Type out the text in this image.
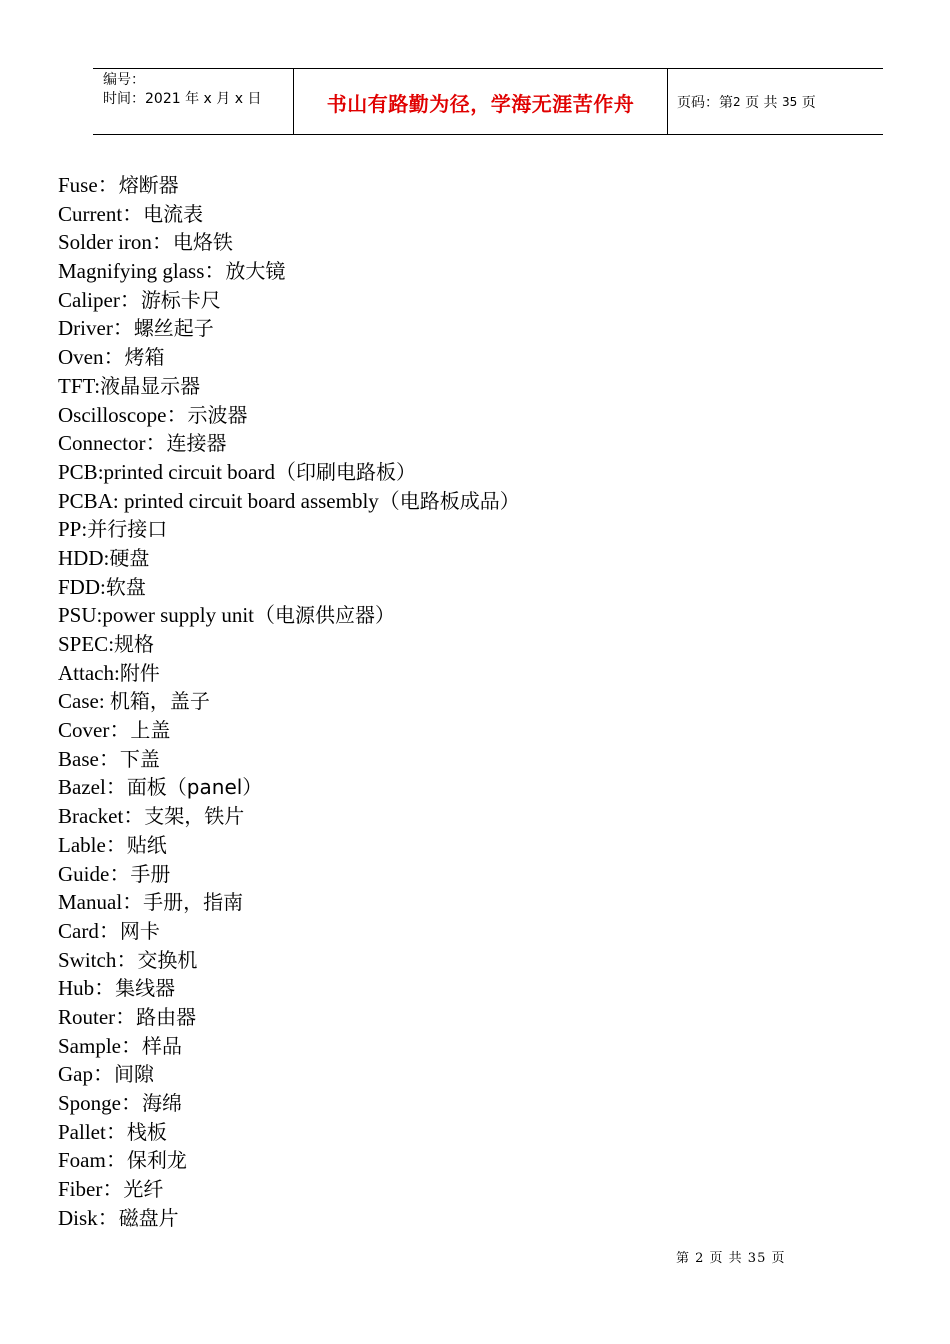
编号：
时间：2021 年 x 月 x 日	书山有路勤为径，学海无涯苦作舟	页码：第 2
页 共
35
页
Fuse：熔断器
Current：电流表
Solder iron：电烙铁
Magnifying glass：放大镜
Caliper：游标卡尺
Driver：螺丝起子
Oven：烤箱
TFT:液晶显示器
Oscilloscope：示波器
Connector：连接器
PCB:printed circuit board（印刷电路板）
PCBA: printed circuit board assembly（电路板成品）
PP:并行接口
HDD:硬盘
FDD:软盘
PSU:power supply unit（电源供应器）
SPEC:规格
Attach:附件
Case: 机箱，盖子
Cover：上盖
Base：下盖
Bazel：面板（panel）
Bracket：支架，铁片
Lable：贴纸
Guide：手册
Manual：手册，指南
Card：网卡
Switch：交换机
Hub：集线器
Router：路由器
Sample：样品
Gap：间隙
Sponge：海绵
Pallet：栈板
Foam：保利龙
Fiber：光纤
Disk：磁盘片
第 2 页 共 35 页
